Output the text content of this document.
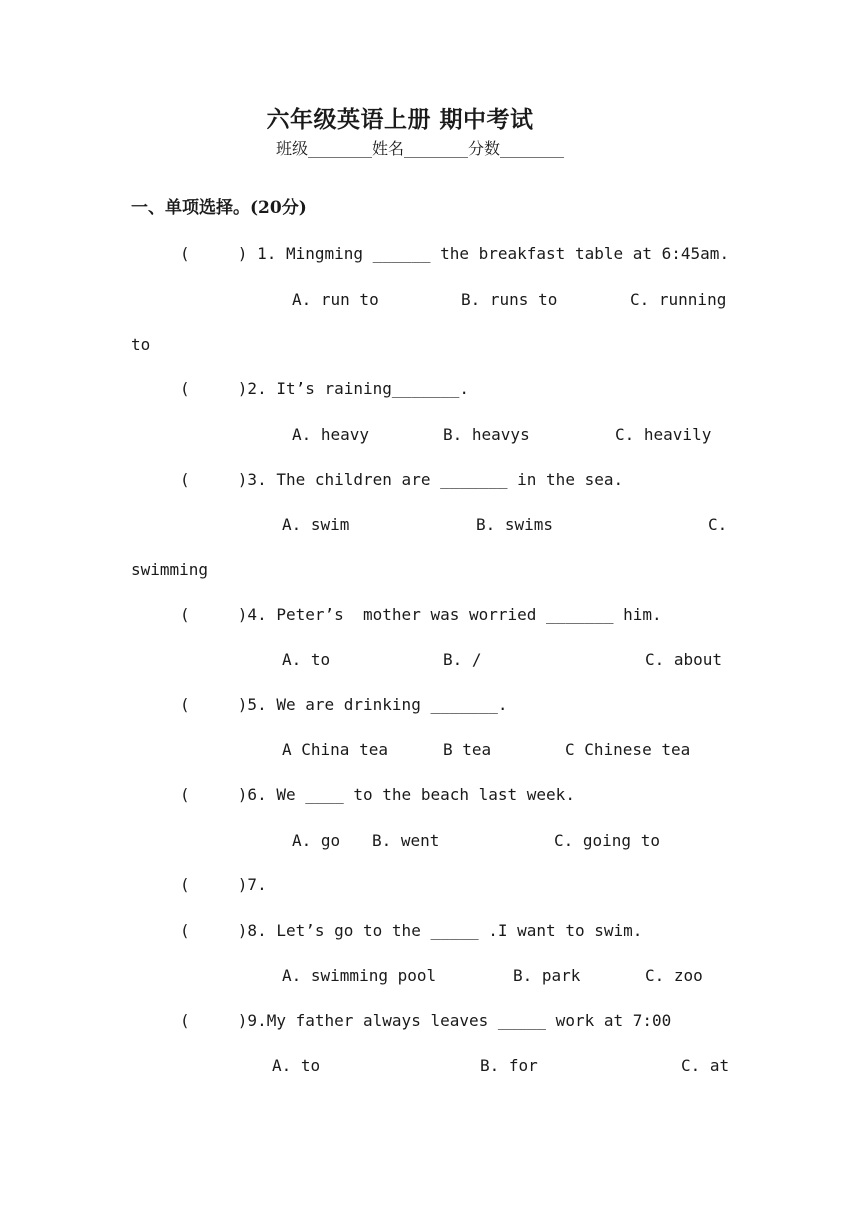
六年级英语上册 期中考试
班级________姓名________分数________
一、单项选择。(20分)
(     ) 1. Mingming ______ the breakfast table at 6:45am.
A. run to	B. runs to	C. running
to
(     )2. It’s raining_______.
A. heavy	B. heavys	C. heavily
(     )3. The children are _______ in the sea.
A. swim	B. swims	C.
swimming
(     )4. Peter’s  mother was worried _______ him.
A. to	B. /	C. about
(     )5. We are drinking _______.
A China tea	B tea	C Chinese tea
(     )6. We ____ to the beach last week.
A. go B. went	C. going to
(     )7.
(     )8. Let’s go to the _____ .I want to swim.
A. swimming pool	B. park	C. zoo
(     )9.My father always leaves _____ work at 7:00
A. to	B. for	C. at
